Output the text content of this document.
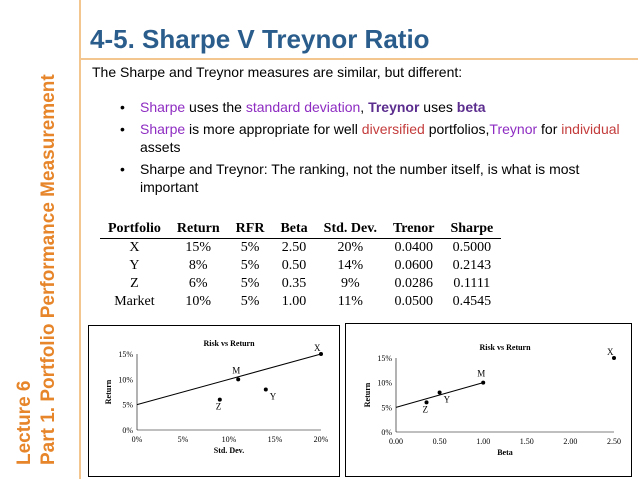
Lecture 6 Part 1. Portfolio Performance Measurement
4-5. Sharpe V Treynor Ratio
The Sharpe and Treynor measures are similar, but different:
• Sharpe uses the standard deviation, Treynor uses beta
• Sharpe is more appropriate for well diversified portfolios,Treynor for individual assets
• Sharpe and Treynor: The ranking, not the number itself, is what is most important
Portfolio	Return	RFR	Beta	Std. Dev.	Trenor	Sharpe
X	15%	5%	2.50	20%	0.0400	0.5000
Y	8%	5%	0.50	14%	0.0600	0.2143
Z	6%	5%	0.35	9%	0.0286	0.1111
Market	10%	5%	1.00	11%	0.0500	0.4545
Risk vs Return
0%
5%
10%
15%
0%	5%	10%	15%	20%
Std. Dev.
Return
X
Y
Z
M
Risk vs Return
0%
5%
10%
15%
0.00	0.50	1.00	1.50	2.00	2.50
Beta
Return
X
Y
Z
M
